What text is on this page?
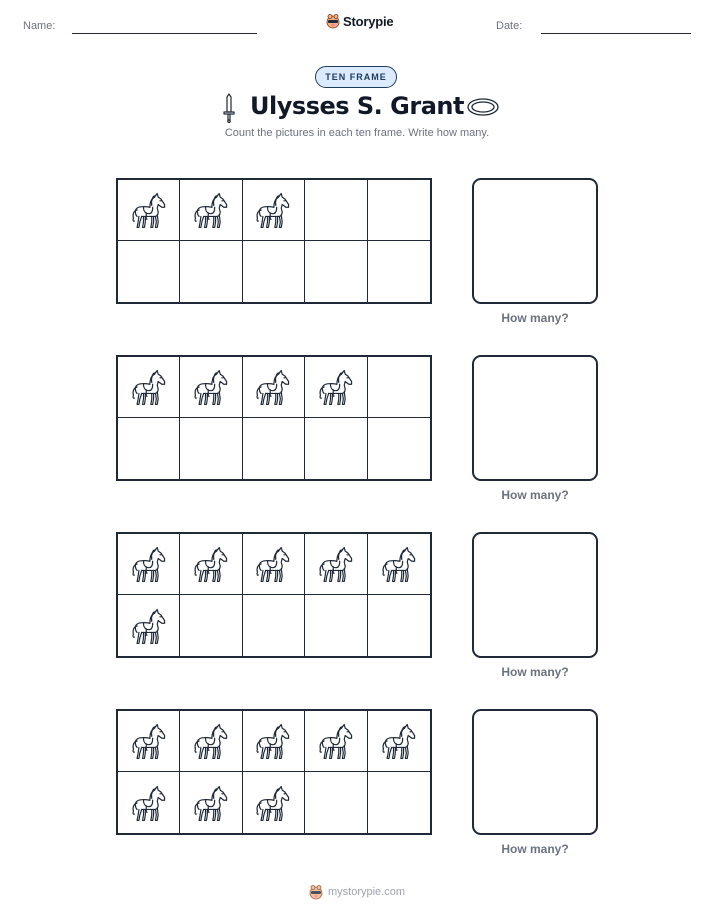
Name:	Storypie	Date:
TEN FRAME
Ulysses S. Grant
Count the pictures in each ten frame. Write how many.
How many?
How many?
How many?
How many?
mystorypie.com
